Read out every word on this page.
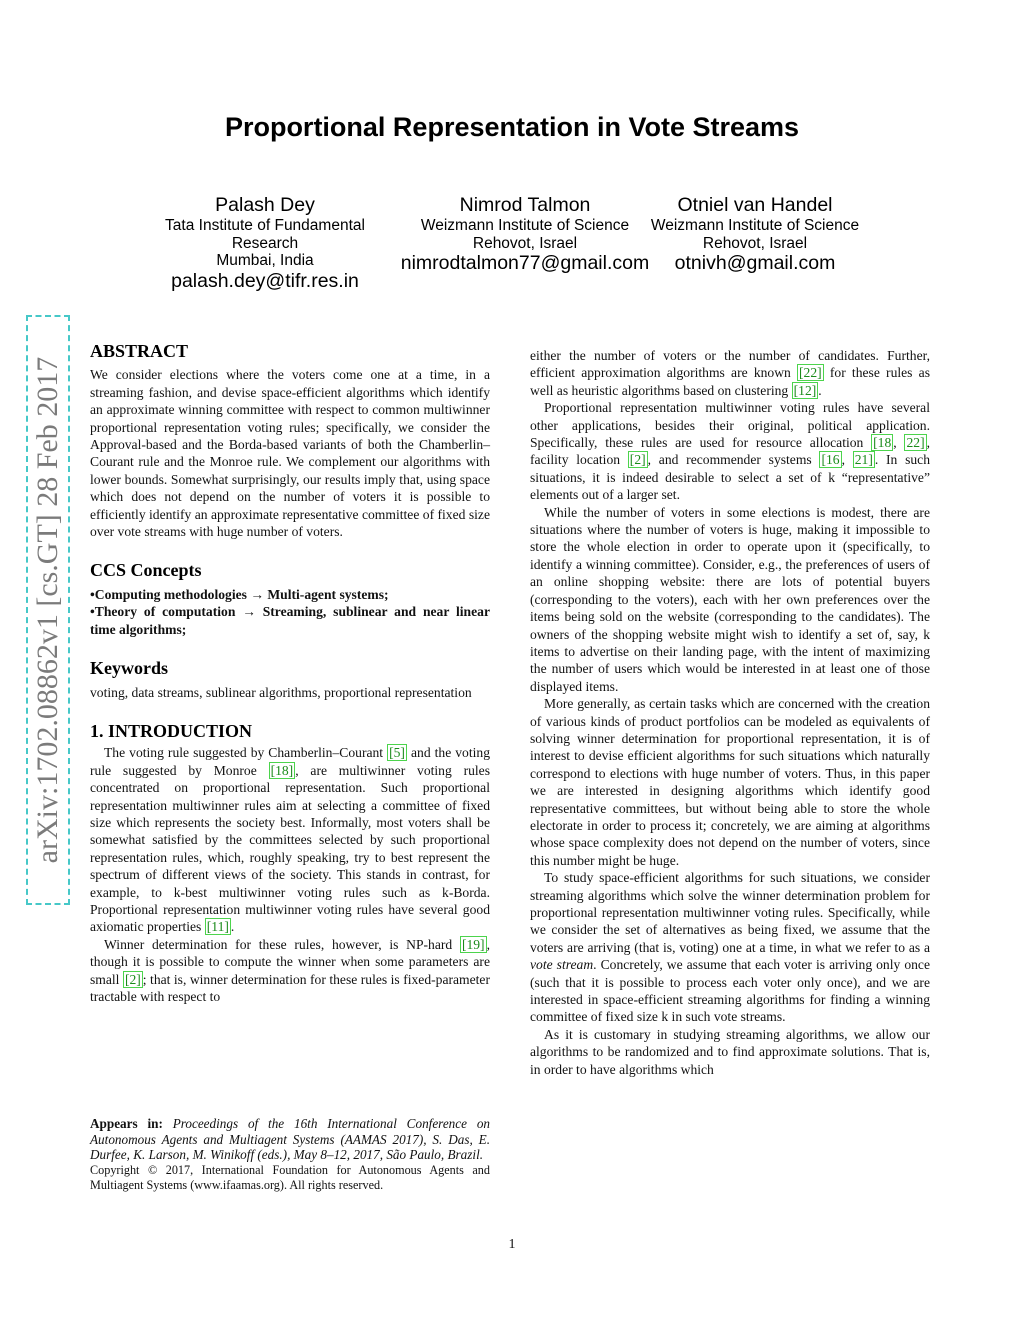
Proportional Representation in Vote Streams
Palash Dey
Tata Institute of Fundamental
Research
Mumbai, India
palash.dey@tifr.res.in
Nimrod Talmon
Weizmann Institute of Science
Rehovot, Israel
nimrodtalmon77@gmail.com
Otniel van Handel
Weizmann Institute of Science
Rehovot, Israel
otnivh@gmail.com
arXiv:1702.08862v1 [cs.GT] 28 Feb 2017
ABSTRACT

We consider elections where the voters come one at a time, in a streaming fashion, and devise space-efficient algorithms which identify an approximate winning committee with respect to common multiwinner proportional representation voting rules; specifically, we consider the Approval-based and the Borda-based variants of both the Chamberlin–Courant rule and the Monroe rule. We complement our algorithms with lower bounds. Somewhat surprisingly, our results imply that, using space which does not depend on the number of voters it is possible to efficiently identify an approximate representative committee of fixed size over vote streams with huge number of voters.

CCS Concepts

•Computing methodologies → Multi-agent systems;

•Theory of computation → Streaming, sublinear and near linear time algorithms;

Keywords

voting, data streams, sublinear algorithms, proportional representation

1. INTRODUCTION

The voting rule suggested by Chamberlin–Courant [5] and the voting rule suggested by Monroe [18] , are multiwinner voting rules concentrated on proportional representation. Such proportional representation multiwinner rules aim at selecting a committee of fixed size which represents the society best. Informally, most voters shall be somewhat satisfied by the committees selected by such proportional representation rules, which, roughly speaking, try to best represent the spectrum of different views of the society. This stands in contrast, for example, to k-best multiwinner voting rules such as k-Borda. Proportional representation multiwinner voting rules have several good axiomatic properties [11] .

Winner determination for these rules, however, is NP-hard [19] , though it is possible to compute the winner when some parameters are small [2] ; that is, winner determination for these rules is fixed-parameter tractable with respect to

Appears in: Proceedings of the 16th International Conference on Autonomous Agents and Multiagent Systems (AAMAS 2017), S. Das, E. Durfee, K. Larson, M. Winikoff (eds.), May 8–12, 2017, São Paulo, Brazil.
Copyright © 2017, International Foundation for Autonomous Agents and Multiagent Systems (www.ifaamas.org). All rights reserved.

either the number of voters or the number of candidates. Further, efficient approximation algorithms are known [22] for these rules as well as heuristic algorithms based on clustering [12] .

Proportional representation multiwinner voting rules have several other applications, besides their original, political application. Specifically, these rules are used for resource allocation [18 , 22] , facility location [2] , and recommender systems [16 , 21] . In such situations, it is indeed desirable to select a set of k “representative” elements out of a larger set.

While the number of voters in some elections is modest, there are situations where the number of voters is huge, making it impossible to store the whole election in order to operate upon it (specifically, to identify a winning committee). Consider, e.g., the preferences of users of an online shopping website: there are lots of potential buyers (corresponding to the voters), each with her own preferences over the items being sold on the website (corresponding to the candidates). The owners of the shopping website might wish to identify a set of, say, k items to advertise on their landing page, with the intent of maximizing the number of users which would be interested in at least one of those displayed items.

More generally, as certain tasks which are concerned with the creation of various kinds of product portfolios can be modeled as equivalents of solving winner determination for proportional representation, it is of interest to devise efficient algorithms for such situations which naturally correspond to elections with huge number of voters. Thus, in this paper we are interested in designing algorithms which identify good representative committees, but without being able to store the whole electorate in order to process it; concretely, we are aiming at algorithms whose space complexity does not depend on the number of voters, since this number might be huge.

To study space-efficient algorithms for such situations, we consider streaming algorithms which solve the winner determination problem for proportional representation multiwinner voting rules. Specifically, while we consider the set of alternatives as being fixed, we assume that the voters are arriving (that is, voting) one at a time, in what we refer to as a vote stream. Concretely, we assume that each voter is arriving only once (such that it is possible to process each voter only once), and we are interested in space-efficient streaming algorithms for finding a winning committee of fixed size k in such vote streams.

As it is customary in studying streaming algorithms, we allow our algorithms to be randomized and to find approximate solutions. That is, in order to have algorithms which

1
